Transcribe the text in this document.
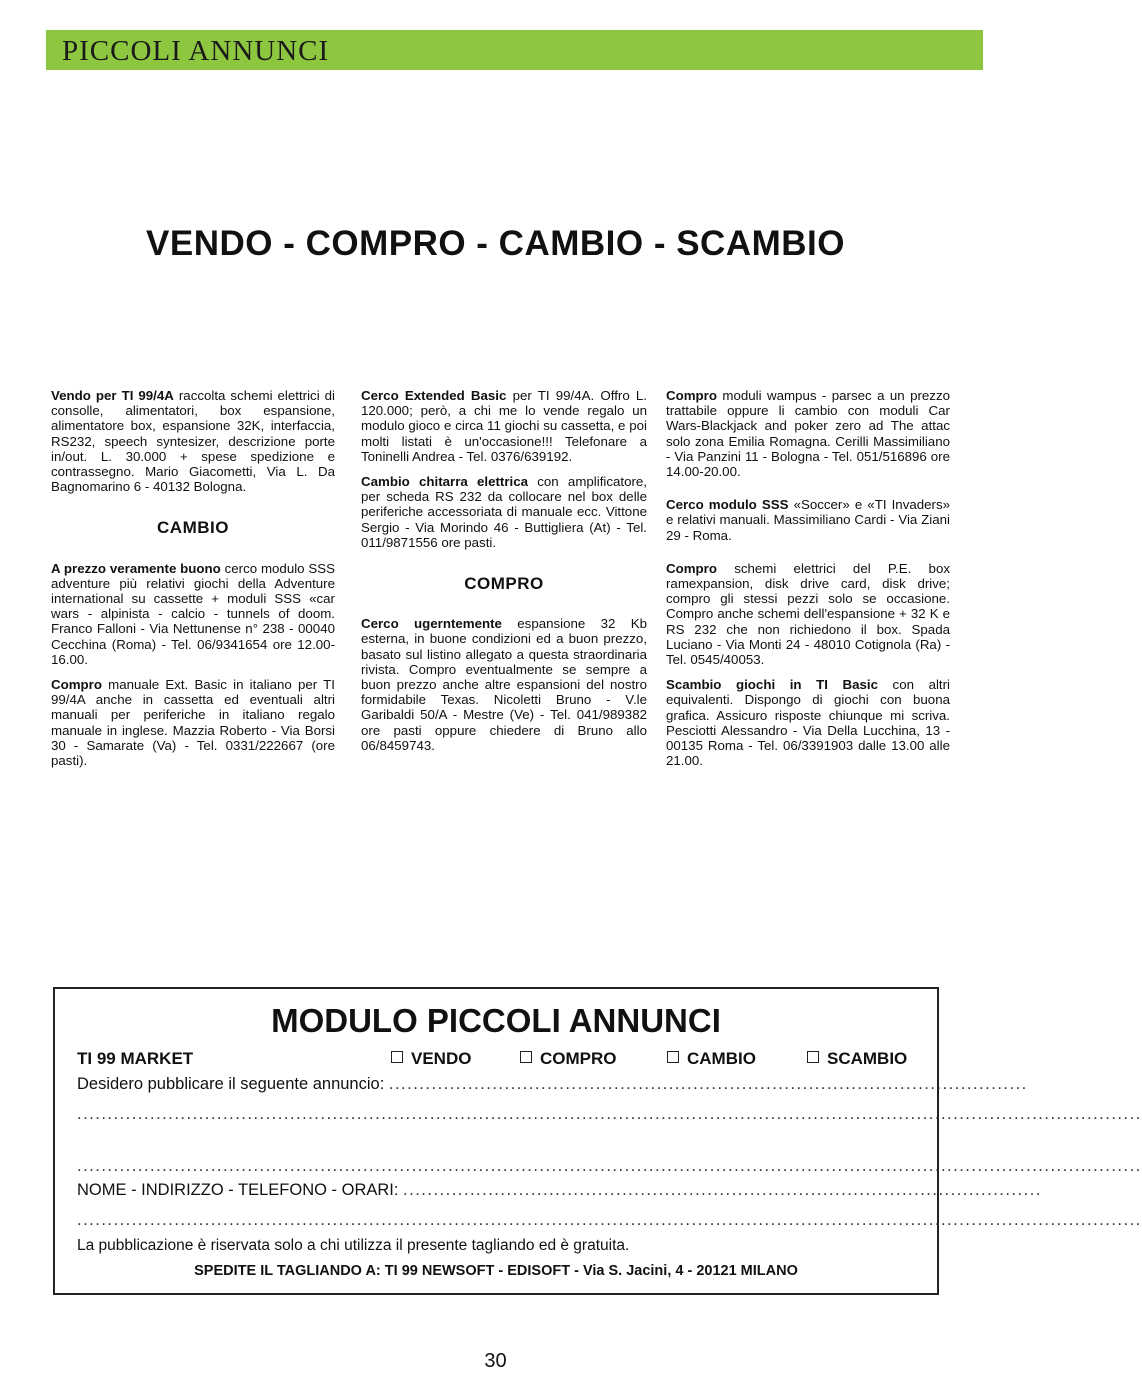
PICCOLI ANNUNCI
VENDO - COMPRO - CAMBIO - SCAMBIO

Vendo per TI 99/4A raccolta schemi elettrici di consolle, alimentatori, box espansione, alimentatore box, espansione 32K, interfaccia, RS232, speech syntesizer, descrizione porte in/out. L. 30.000 + spese spedizione e contrassegno. Mario Giacometti, Via L. Da Bagnomarino 6 - 40132 Bologna.

CAMBIO

A prezzo veramente buono cerco modulo SSS adventure più relativi giochi della Adventure international su cassette + moduli SSS «car wars - alpinista - calcio - tunnels of doom. Franco Falloni - Via Nettunense n° 238 - 00040 Cecchina (Roma) - Tel. 06/9341654 ore 12.00-16.00.

Compro manuale Ext. Basic in italiano per TI 99/4A anche in cassetta ed eventuali altri manuali per periferiche in italiano regalo manuale in inglese. Mazzia Roberto - Via Borsi 30 - Samarate (Va) - Tel. 0331/222667 (ore pasti).

Cerco Extended Basic per TI 99/4A. Offro L. 120.000; però, a chi me lo vende regalo un modulo gioco e circa 11 giochi su cassetta, e poi molti listati è un'occasione!!! Telefonare a Toninelli Andrea - Tel. 0376/639192.

Cambio chitarra elettrica con amplificatore, per scheda RS 232 da collocare nel box delle periferiche accessoriata di manuale ecc. Vittone Sergio - Via Morindo 46 - Buttigliera (At) - Tel. 011/9871556 ore pasti.

COMPRO

Cerco ugerntemente espansione 32 Kb esterna, in buone condizioni ed a buon prezzo, basato sul listino allegato a questa straordinaria rivista. Compro eventualmente se sempre a buon prezzo anche altre espansioni del nostro formidabile Texas. Nicoletti Bruno - V.le Garibaldi 50/A - Mestre (Ve) - Tel. 041/989382 ore pasti oppure chiedere di Bruno allo 06/8459743.

Compro moduli wampus - parsec a un prezzo trattabile oppure li cambio con moduli Car Wars-Blackjack and poker zero ad The attac solo zona Emilia Romagna. Cerilli Massimiliano - Via Panzini 11 - Bologna - Tel. 051/516896 ore 14.00-20.00.

Cerco modulo SSS «Soccer» e «TI Invaders» e relativi manuali. Massimiliano Cardi - Via Ziani 29 - Roma.

Compro schemi elettrici del P.E. box ramexpansion, disk drive card, disk drive; compro gli stessi pezzi solo se occasione. Compro anche schemi dell'espansione + 32 K e RS 232 che non richiedono il box. Spada Luciano - Via Monti 24 - 48010 Cotignola (Ra) - Tel. 0545/40053.

Scambio giochi in TI Basic con altri equivalenti. Dispongo di giochi con buona grafica. Assicuro risposte chiunque mi scriva. Pesciotti Alessandro - Via Della Lucchina, 13 - 00135 Roma - Tel. 06/3391903 dalle 13.00 alle 21.00.

MODULO PICCOLI ANNUNCI
TI 99 MARKET	VENDO	COMPRO	CAMBIO	SCAMBIO
Desidero pubblicare il seguente annuncio: .........................................................................................................
...............................................................................................................................................................................
...............................................................................................................................................................................
NOME - INDIRIZZO - TELEFONO - ORARI: .........................................................................................................
...............................................................................................................................................................................
La pubblicazione è riservata solo a chi utilizza il presente tagliando ed è gratuita.
SPEDITE IL TAGLIANDO A: TI 99 NEWSOFT - EDISOFT - Via S. Jacini, 4 - 20121 MILANO
30
